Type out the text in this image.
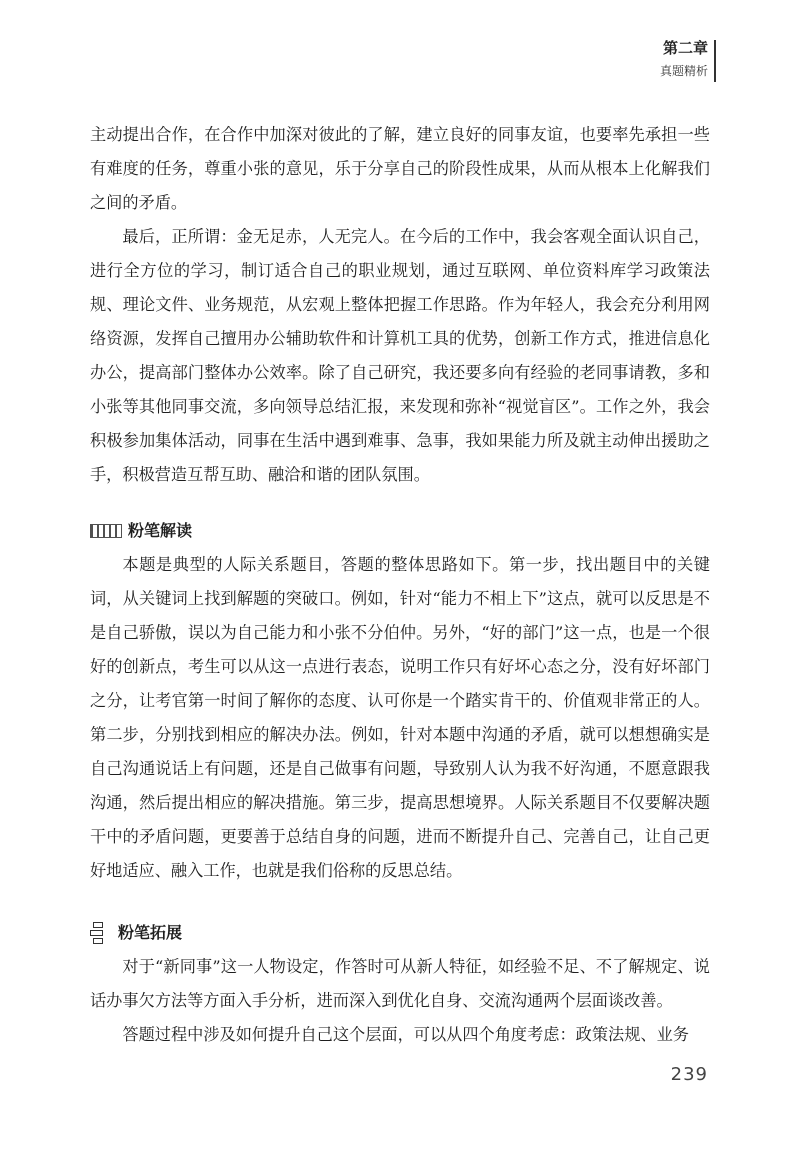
第二章
真题精析

主动提出合作，在合作中加深对彼此的了解，建立良好的同事友谊，也要率先承担一些有难度的任务，尊重小张的意见，乐于分享自己的阶段性成果，从而从根本上化解我们之间的矛盾。

最后，正所谓：金无足赤，人无完人。在今后的工作中，我会客观全面认识自己，进行全方位的学习，制订适合自己的职业规划，通过互联网、单位资料库学习政策法规、理论文件、业务规范，从宏观上整体把握工作思路。作为年轻人，我会充分利用网络资源，发挥自己擅用办公辅助软件和计算机工具的优势，创新工作方式，推进信息化办公，提高部门整体办公效率。除了自己研究，我还要多向有经验的老同事请教，多和小张等其他同事交流，多向领导总结汇报，来发现和弥补“视觉盲区”。工作之外，我会积极参加集体活动，同事在生活中遇到难事、急事，我如果能力所及就主动伸出援助之手，积极营造互帮互助、融洽和谐的团队氛围。

粉笔解读

本题是典型的人际关系题目，答题的整体思路如下。第一步，找出题目中的关键词，从关键词上找到解题的突破口。例如，针对“能力不相上下”这点，就可以反思是不是自己骄傲，误以为自己能力和小张不分伯仲。另外，“好的部门”这一点，也是一个很好的创新点，考生可以从这一点进行表态，说明工作只有好坏心态之分，没有好坏部门之分，让考官第一时间了解你的态度、认可你是一个踏实肯干的、价值观非常正的人。第二步，分别找到相应的解决办法。例如，针对本题中沟通的矛盾，就可以想想确实是自己沟通说话上有问题，还是自己做事有问题，导致别人认为我不好沟通，不愿意跟我沟通，然后提出相应的解决措施。第三步，提高思想境界。人际关系题目不仅要解决题干中的矛盾问题，更要善于总结自身的问题，进而不断提升自己、完善自己，让自己更好地适应、融入工作，也就是我们俗称的反思总结。

粉笔拓展

对于“新同事”这一人物设定，作答时可从新人特征，如经验不足、不了解规定、说话办事欠方法等方面入手分析，进而深入到优化自身、交流沟通两个层面谈改善。

答题过程中涉及如何提升自己这个层面，可以从四个角度考虑：政策法规、业务

239
